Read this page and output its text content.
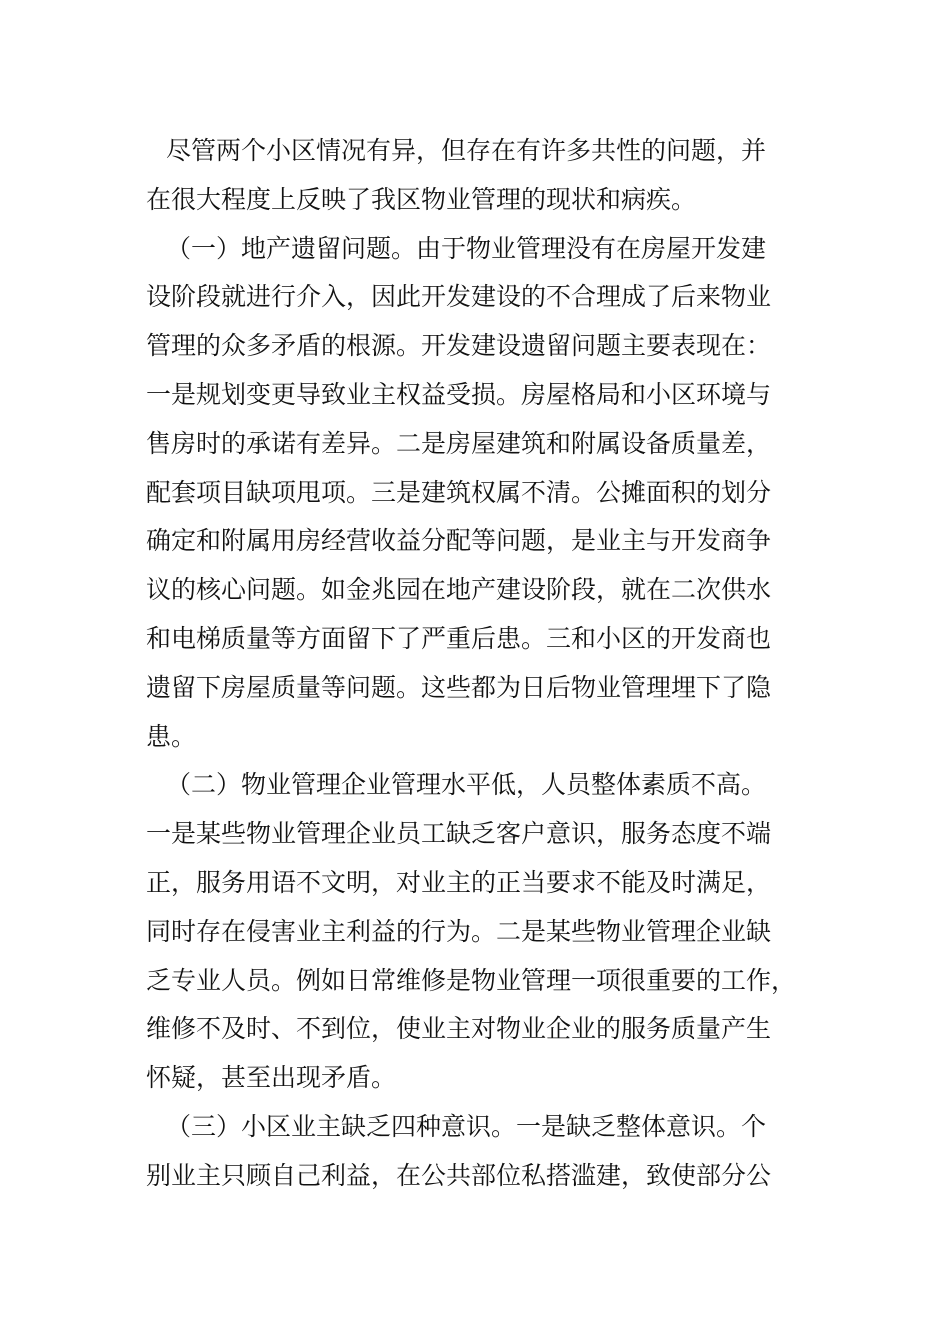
尽管两个小区情况有异，但存在有许多共性的问题，并
在很大程度上反映了我区物业管理的现状和病疾。
（一）地产遗留问题。由于物业管理没有在房屋开发建
设阶段就进行介入，因此开发建设的不合理成了后来物业
管理的众多矛盾的根源。开发建设遗留问题主要表现在：
一是规划变更导致业主权益受损。房屋格局和小区环境与
售房时的承诺有差异。二是房屋建筑和附属设备质量差，
配套项目缺项甩项。三是建筑权属不清。公摊面积的划分
确定和附属用房经营收益分配等问题，是业主与开发商争
议的核心问题。如金兆园在地产建设阶段，就在二次供水
和电梯质量等方面留下了严重后患。三和小区的开发商也
遗留下房屋质量等问题。这些都为日后物业管理埋下了隐
患。
（二）物业管理企业管理水平低，人员整体素质不高。
一是某些物业管理企业员工缺乏客户意识，服务态度不端
正，服务用语不文明，对业主的正当要求不能及时满足，
同时存在侵害业主利益的行为。二是某些物业管理企业缺
乏专业人员。例如日常维修是物业管理一项很重要的工作，
维修不及时、不到位，使业主对物业企业的服务质量产生
怀疑，甚至出现矛盾。
（三）小区业主缺乏四种意识。一是缺乏整体意识。个
别业主只顾自己利益，在公共部位私搭滥建，致使部分公
